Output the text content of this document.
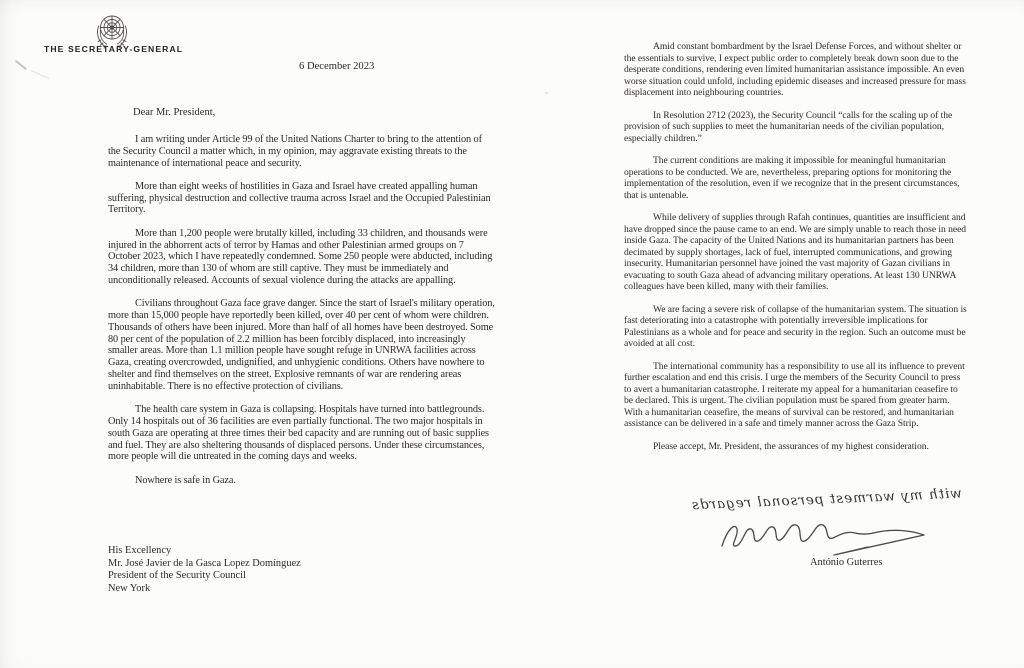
THE SECRETARY-GENERAL
6 December 2023
Dear Mr. President,

I am writing under Article 99 of the United Nations Charter to bring to the attention of the Security Council a matter which, in my opinion, may aggravate existing threats to the maintenance of international peace and security.

More than eight weeks of hostilities in Gaza and Israel have created appalling human suffering, physical destruction and collective trauma across Israel and the Occupied Palestinian Territory.

More than 1,200 people were brutally killed, including 33 children, and thousands were injured in the abhorrent acts of terror by Hamas and other Palestinian armed groups on 7 October 2023, which I have repeatedly condemned. Some 250 people were abducted, including 34 children, more than 130 of whom are still captive. They must be immediately and unconditionally released. Accounts of sexual violence during the attacks are appalling.

Civilians throughout Gaza face grave danger. Since the start of Israel's military operation, more than 15,000 people have reportedly been killed, over 40 per cent of whom were children. Thousands of others have been injured. More than half of all homes have been destroyed. Some 80 per cent of the population of 2.2 million has been forcibly displaced, into increasingly smaller areas. More than 1.1 million people have sought refuge in UNRWA facilities across Gaza, creating overcrowded, undignified, and unhygienic conditions. Others have nowhere to shelter and find themselves on the street. Explosive remnants of war are rendering areas uninhabitable. There is no effective protection of civilians.

The health care system in Gaza is collapsing. Hospitals have turned into battlegrounds. Only 14 hospitals out of 36 facilities are even partially functional. The two major hospitals in south Gaza are operating at three times their bed capacity and are running out of basic supplies and fuel. They are also sheltering thousands of displaced persons. Under these circumstances, more people will die untreated in the coming days and weeks.

Nowhere is safe in Gaza.

His Excellency
Mr. José Javier de la Gasca Lopez Domínguez
President of the Security Council
New York

Amid constant bombardment by the Israel Defense Forces, and without shelter or the essentials to survive, I expect public order to completely break down soon due to the desperate conditions, rendering even limited humanitarian assistance impossible. An even worse situation could unfold, including epidemic diseases and increased pressure for mass displacement into neighbouring countries.

In Resolution 2712 (2023), the Security Council “calls for the scaling up of the provision of such supplies to meet the humanitarian needs of the civilian population, especially children.”

The current conditions are making it impossible for meaningful humanitarian operations to be conducted. We are, nevertheless, preparing options for monitoring the implementation of the resolution, even if we recognize that in the present circumstances, that is untenable.

While delivery of supplies through Rafah continues, quantities are insufficient and have dropped since the pause came to an end. We are simply unable to reach those in need inside Gaza. The capacity of the United Nations and its humanitarian partners has been decimated by supply shortages, lack of fuel, interrupted communications, and growing insecurity. Humanitarian personnel have joined the vast majority of Gazan civilians in evacuating to south Gaza ahead of advancing military operations. At least 130 UNRWA colleagues have been killed, many with their families.

We are facing a severe risk of collapse of the humanitarian system. The situation is fast deteriorating into a catastrophe with potentially irreversible implications for Palestinians as a whole and for peace and security in the region. Such an outcome must be avoided at all cost.

The international community has a responsibility to use all its influence to prevent further escalation and end this crisis. I urge the members of the Security Council to press to avert a humanitarian catastrophe. I reiterate my appeal for a humanitarian ceasefire to be declared. This is urgent. The civilian population must be spared from greater harm. With a humanitarian ceasefire, the means of survival can be restored, and humanitarian assistance can be delivered in a safe and timely manner across the Gaza Strip.

Please accept, Mr. President, the assurances of my highest consideration.

with my warmest personal regards
António Guterres
